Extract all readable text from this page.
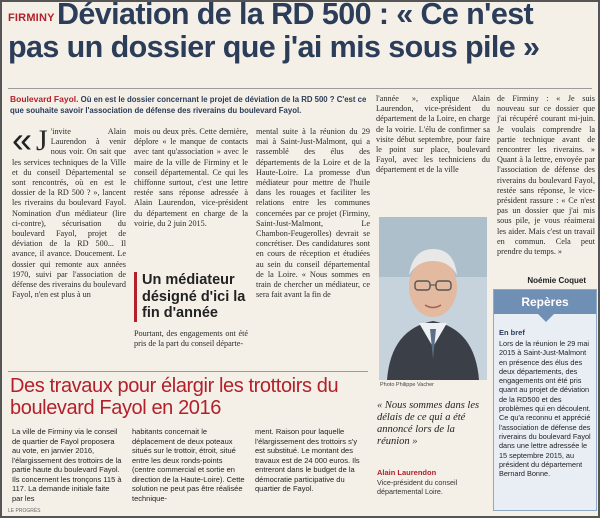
FIRMINY Déviation de la RD 500 : « Ce n'est
pas un dossier que j'ai mis sous pile »
Boulevard Fayol. Où en est le dossier concernant le projet de déviation de la RD 500 ? C'est ce que souhaite savoir l'association de défense des riverains du boulevard Fayol.
« J 'invite Alain Laurendon à venir nous voir. On sait que les services techniques de la Ville et du conseil Départemental se sont rencontrés, où en est le dossier de la RD 500 ? », lancent les riverains du boulevard Fayol. Nomination d'un médiateur (lire ci-contre), sécurisation du boulevard Fayol, projet de déviation de la RD 500... Il avance, il avance. Doucement. Le dossier qui remonte aux années 1970, suivi par l'association de défense des riverains du boulevard Fayol, n'en est plus à un
mois ou deux près. Cette dernière, déplore « le manque de contacts avec tant qu'association » avec le maire de la ville de Firminy et le conseil départemental. Ce qui les chiffonne surtout, c'est une lettre restée sans réponse adressée à Alain Laurendon, vice-président du département en charge de la voirie, du 2 juin 2015.
Un médiateur désigné d'ici la fin d'année
Pourtant, des engagements ont été pris de la part du conseil départe-
mental suite à la réunion du 29 mai à Saint-Just-Malmont, qui a rassemblé des élus des départements de la Loire et de la Haute-Loire. La promesse d'un médiateur pour mettre de l'huile dans les rouages et faciliter les relations entre les communes concernées par ce projet (Firminy, Saint-Just-Malmont, Le Chambon-Feugerolles) devrait se concrétiser. Des candidatures sont en cours de réception et étudiées au sein du conseil départemental de la Loire. « Nous sommes en train de chercher un médiateur, ce sera fait avant la fin de
l'année », explique Alain Laurendon, vice-président du département de la Loire, en charge de la voirie. L'élu de confirmer sa visite début septembre, pour faire le point sur place, boulevard Fayol, avec les techniciens du département et de la ville
de Firminy : « Je suis nouveau sur ce dossier que j'ai récupéré courant mi-juin. Je voulais comprendre la partie technique avant de rencontrer les riverains. » Quant à la lettre, envoyée par l'association de défense des riverains du boulevard Fayol, restée sans réponse, le vice-président rassure : « Ce n'est pas un dossier que j'ai mis sous pile, je vous réaimerai les aider. Mais c'est un travail en commun. Cela peut prendre du temps. »
Noémie Coquet
Photo Philippe Vacher
« Nous sommes dans les délais de ce qui a été annoncé lors de la réunion »
Alain Laurendon
Vice-président du conseil départemental Loire.
Repères
En bref
Lors de la réunion le 29 mai 2015 à Saint-Just-Malmont en présence des élus des deux départements, des engagements ont été pris quant au projet de déviation de la RD500 et des problèmes qui en découlent. Ce qu'a reconnu et apprécié l'association de défense des riverains du boulevard Fayol dans une lettre adressée le 15 septembre 2015, au président du département Bernard Bonne.
Des travaux pour élargir les trottoirs du boulevard Fayol en 2016
La ville de Firminy via le conseil de quartier de Fayol proposera au vote, en janvier 2016, l'élargissement des trottoirs de la partie haute du boulevard Fayol. Ils concernent les tronçons 115 à 117. La demande initiale faite par les
habitants concernait le déplacement de deux poteaux situés sur le trottoir, étroit, situé entre les deux ronds-points (centre commercial et sortie en direction de la Haute-Loire). Cette solution ne peut pas être réalisée technique-
ment. Raison pour laquelle l'élargissement des trottoirs s'y est substitué. Le montant des travaux est de 24 000 euros. Ils entreront dans le budget de la démocratie participative du quartier de Fayol.
LE PROGRÈS
